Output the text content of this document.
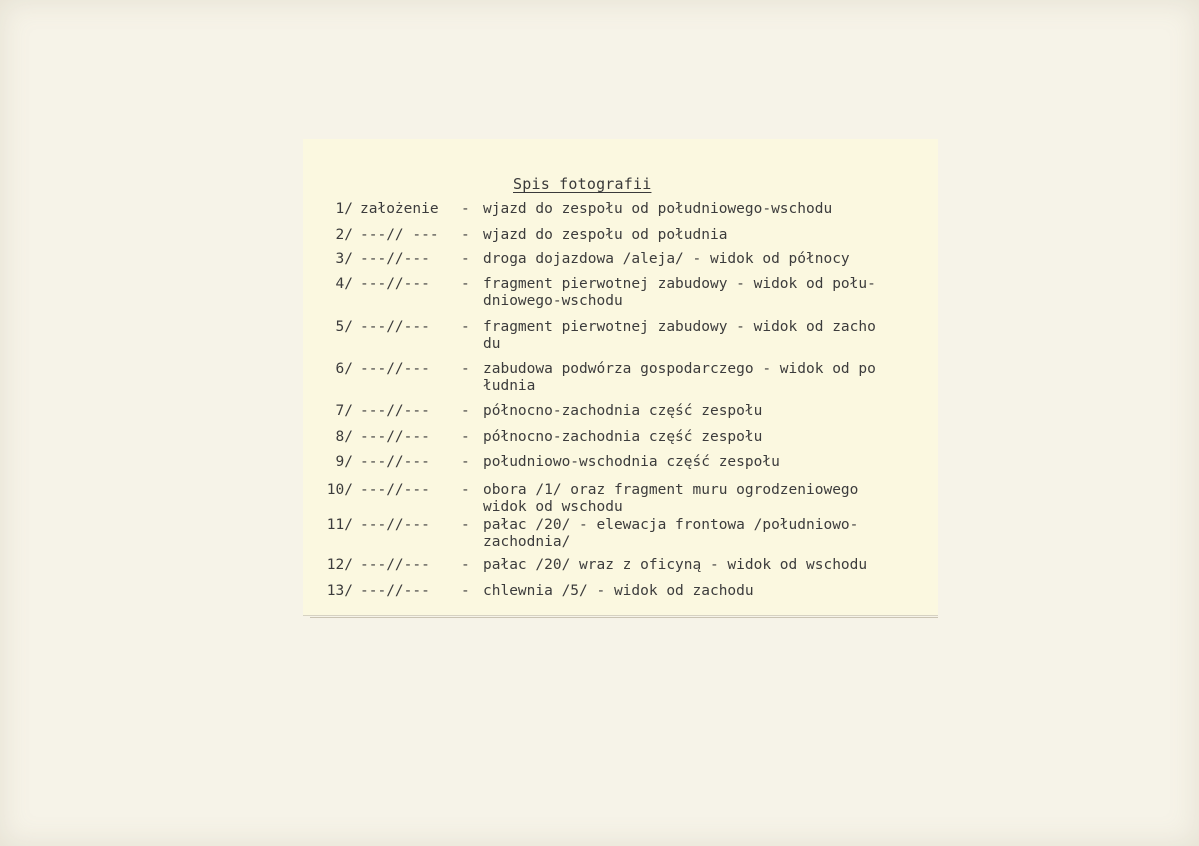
Spis fotografii
1/ założenie - wjazd do zespołu od południowego-wschodu
2/ ---// --- - wjazd do zespołu od południa
3/ ---//--- - droga dojazdowa /aleja/ - widok od północy
4/ ---//--- - fragment pierwotnej zabudowy - widok od połu-
dniowego-wschodu
5/ ---//--- - fragment pierwotnej zabudowy - widok od zacho
du
6/ ---//--- - zabudowa podwórza gospodarczego - widok od po
łudnia
7/ ---//--- - północno-zachodnia część zespołu
8/ ---//--- - północno-zachodnia część zespołu
9/ ---//--- - południowo-wschodnia część zespołu
10/ ---//--- - obora /1/ oraz fragment muru ogrodzeniowego
widok od wschodu
11/ ---//--- - pałac /20/ - elewacja frontowa /południowo-
zachodnia/
12/ ---//--- - pałac /20/ wraz z oficyną - widok od wschodu
13/ ---//--- - chlewnia /5/ - widok od zachodu
